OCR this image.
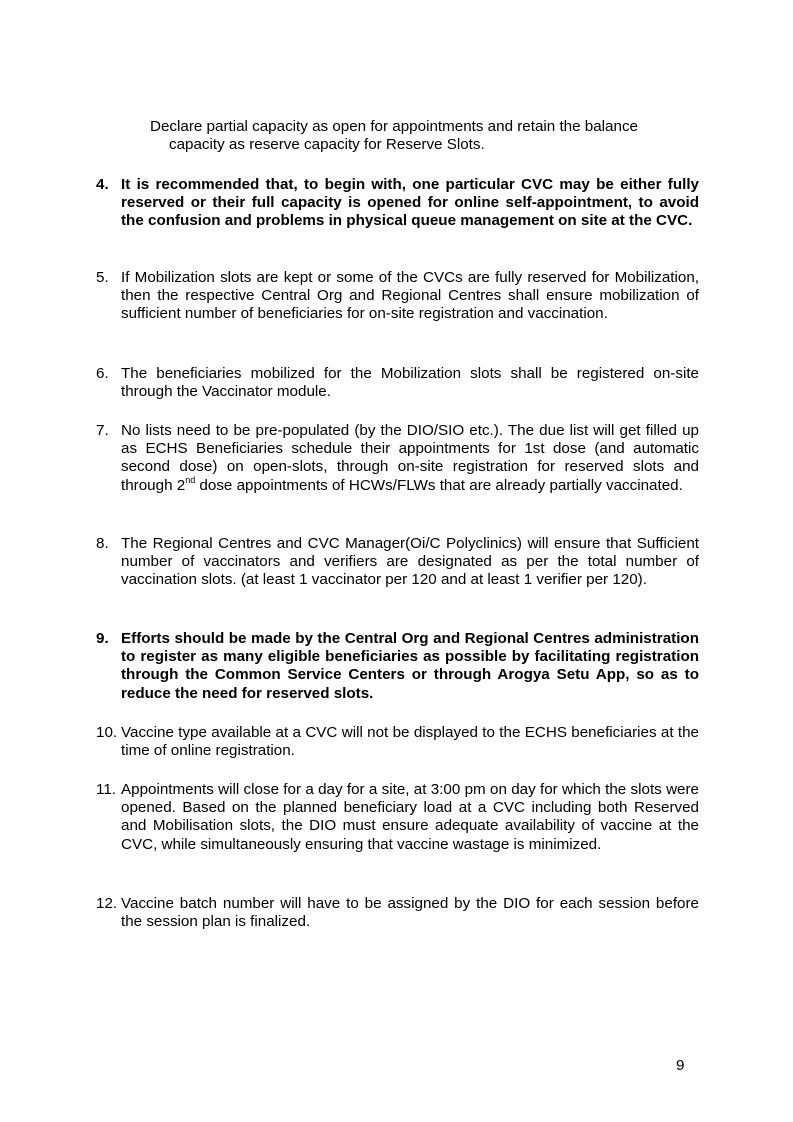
Declare partial capacity as open for appointments and retain the balance
capacity as reserve capacity for Reserve Slots.
4. It is recommended that, to begin with, one particular CVC may be either fully reserved or their full capacity is opened for online self-appointment, to avoid the confusion and problems in physical queue management on site at the CVC.
5. If Mobilization slots are kept or some of the CVCs are fully reserved for Mobilization, then the respective Central Org and Regional Centres shall ensure mobilization of sufficient number of beneficiaries for on-site registration and vaccination.
6. The beneficiaries mobilized for the Mobilization slots shall be registered on-site through the Vaccinator module.
7. No lists need to be pre-populated (by the DIO/SIO etc.). The due list will get filled up as ECHS Beneficiaries schedule their appointments for 1st dose (and automatic second dose) on open-slots, through on-site registration for reserved slots and through 2nd dose appointments of HCWs/FLWs that are already partially vaccinated.
8. The Regional Centres and CVC Manager(Oi/C Polyclinics) will ensure that Sufficient number of vaccinators and verifiers are designated as per the total number of vaccination slots. (at least 1 vaccinator per 120 and at least 1 verifier per 120).
9. Efforts should be made by the Central Org and Regional Centres administration to register as many eligible beneficiaries as possible by facilitating registration through the Common Service Centers or through Arogya Setu App, so as to reduce the need for reserved slots.
10. Vaccine type available at a CVC will not be displayed to the ECHS beneficiaries at the time of online registration.
11. Appointments will close for a day for a site, at 3:00 pm on day for which the slots were opened. Based on the planned beneficiary load at a CVC including both Reserved and Mobilisation slots, the DIO must ensure adequate availability of vaccine at the CVC, while simultaneously ensuring that vaccine wastage is minimized.
12. Vaccine batch number will have to be assigned by the DIO for each session before the session plan is finalized.
9
